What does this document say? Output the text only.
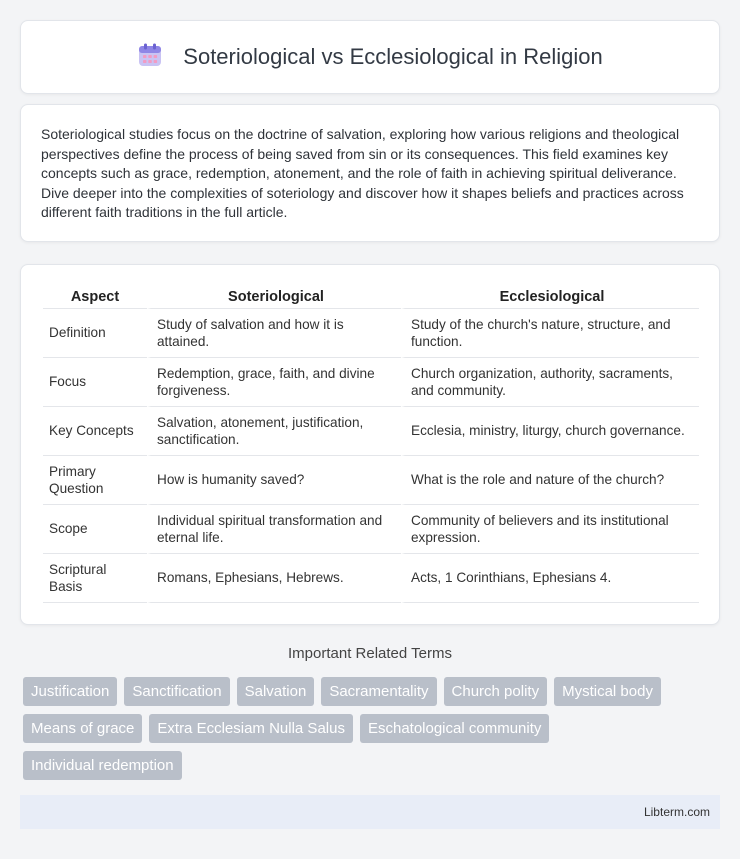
Soteriological vs Ecclesiological in Religion

Soteriological studies focus on the doctrine of salvation, exploring how various religions and theological perspectives define the process of being saved from sin or its consequences. This field examines key concepts such as grace, redemption, atonement, and the role of faith in achieving spiritual deliverance. Dive deeper into the complexities of soteriology and discover how it shapes beliefs and practices across different faith traditions in the full article.

Aspect	Soteriological	Ecclesiological
Definition	Study of salvation and how it is attained.	Study of the church's nature, structure, and function.
Focus	Redemption, grace, faith, and divine forgiveness.	Church organization, authority, sacraments, and community.
Key Concepts	Salvation, atonement, justification, sanctification.	Ecclesia, ministry, liturgy, church governance.
Primary Question	How is humanity saved?	What is the role and nature of the church?
Scope	Individual spiritual transformation and eternal life.	Community of believers and its institutional expression.
Scriptural Basis	Romans, Ephesians, Hebrews.	Acts, 1 Corinthians, Ephesians 4.
Important Related Terms
Justification	Sanctification	Salvation	Sacramentality	Church polity	Mystical body
Means of grace	Extra Ecclesiam Nulla Salus	Eschatological community
Individual redemption
Libterm.com
